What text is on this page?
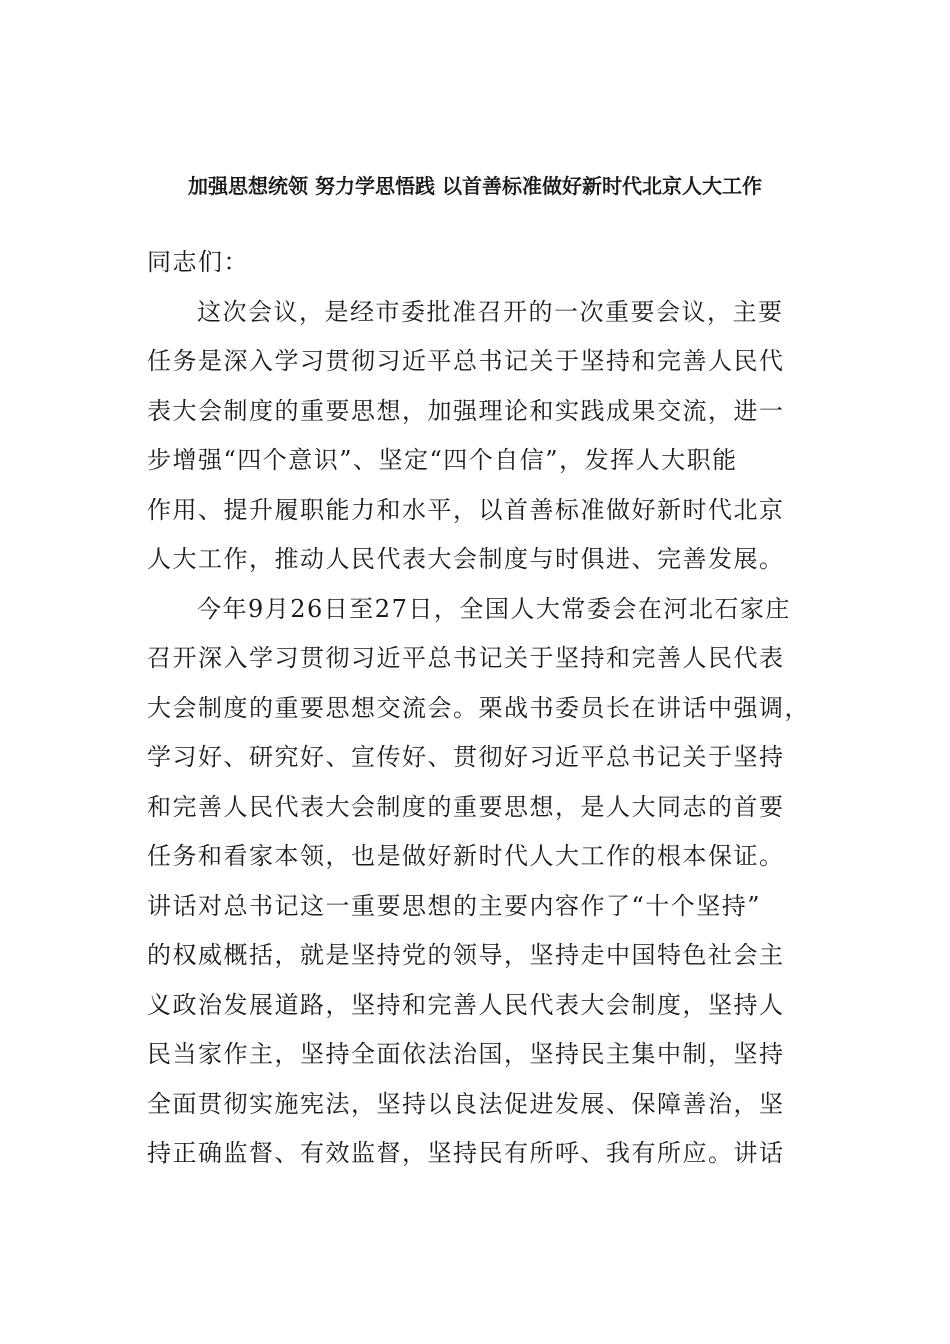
加强思想统领 努力学思悟践 以首善标准做好新时代北京人大工作
同志们：
这次会议，是经市委批准召开的一次重要会议，主要
任务是深入学习贯彻习近平总书记关于坚持和完善人民代
表大会制度的重要思想，加强理论和实践成果交流，进一
步增强“四个意识”、坚定“四个自信”，发挥人大职能
作用、提升履职能力和水平，以首善标准做好新时代北京
人大工作，推动人民代表大会制度与时俱进、完善发展。
今年9月26日至27日，全国人大常委会在河北石家庄
召开深入学习贯彻习近平总书记关于坚持和完善人民代表
大会制度的重要思想交流会。栗战书委员长在讲话中强调，
学习好、研究好、宣传好、贯彻好习近平总书记关于坚持
和完善人民代表大会制度的重要思想，是人大同志的首要
任务和看家本领，也是做好新时代人大工作的根本保证。
讲话对总书记这一重要思想的主要内容作了“十个坚持”
的权威概括，就是坚持党的领导，坚持走中国特色社会主
义政治发展道路，坚持和完善人民代表大会制度，坚持人
民当家作主，坚持全面依法治国，坚持民主集中制，坚持
全面贯彻实施宪法，坚持以良法促进发展、保障善治，坚
持正确监督、有效监督，坚持民有所呼、我有所应。讲话
